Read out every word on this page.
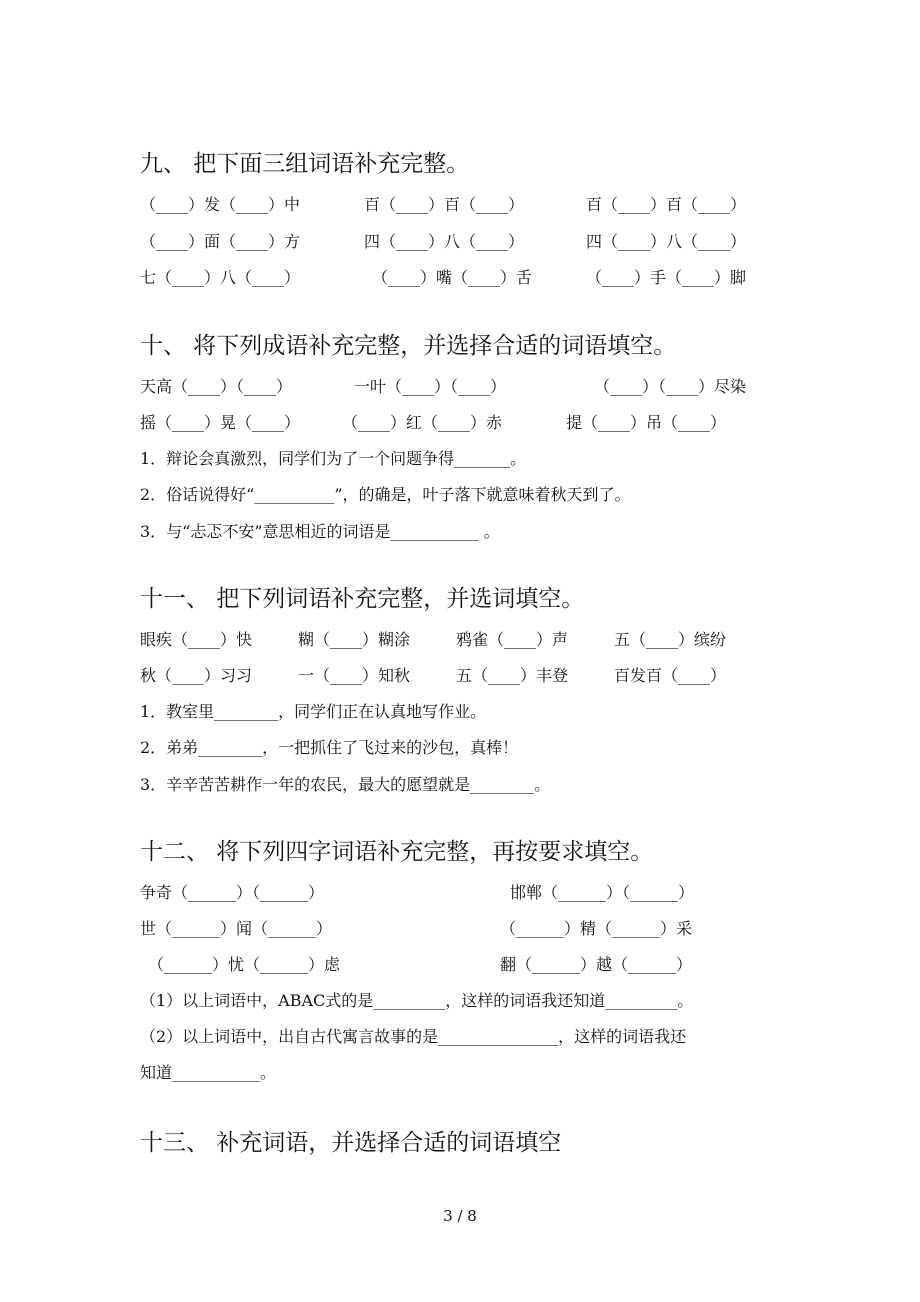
九、 把下面三组词语补充完整。
（____）发（____）中	百（____）百（____）	百（____）百（____）
（____）面（____）方	四（____）八（____）	四（____）八（____）
七（____）八（____）	（____）嘴（____）舌	（____）手（____）脚
十、 将下列成语补充完整，并选择合适的词语填空。
天高（____）（____）	一叶（____）（____）	（____）（____）尽染
摇（____）晃（____）	（____）红（____）赤	提（____）吊（____）
1．辩论会真激烈，同学们为了一个问题争得_______。
2．俗话说得好“__________”，的确是，叶子落下就意味着秋天到了。
3．与“忐忑不安”意思相近的词语是___________ 。
十一、 把下列词语补充完整，并选词填空。
眼疾（____）快	糊（____）糊涂	鸦雀（____）声	五（____）缤纷
秋（____）习习	一（____）知秋	五（____）丰登	百发百（____）
1．教室里________，同学们正在认真地写作业。
2．弟弟________，一把抓住了飞过来的沙包，真棒！
3．辛辛苦苦耕作一年的农民，最大的愿望就是________。
十二、 将下列四字词语补充完整，再按要求填空。
争奇（______）（______）	邯郸（______）（______）
世（______）闻（______）	（______）精（______）采
（______）忧（______）虑	翻（______）越（______）
（1）以上词语中，ABAC式的是_________，这样的词语我还知道_________。
（2）以上词语中，出自古代寓言故事的是_______________，这样的词语我还
知道___________。
十三、 补充词语，并选择合适的词语填空
3 / 8
